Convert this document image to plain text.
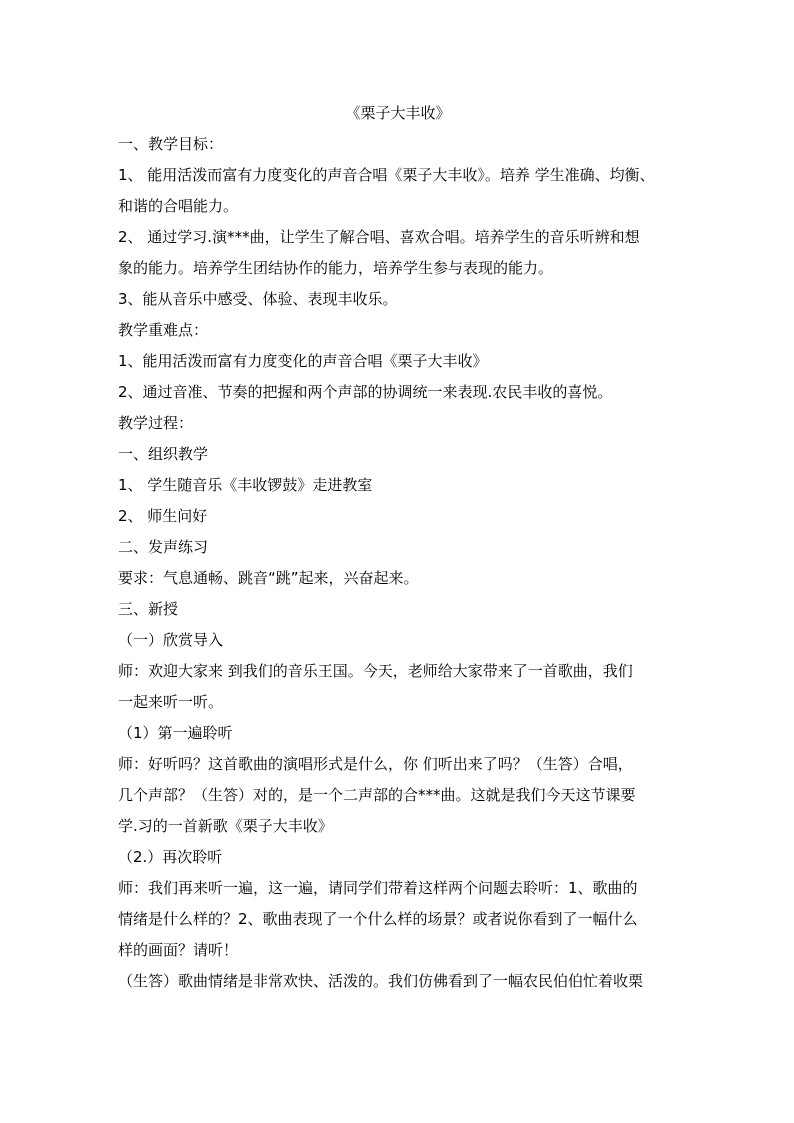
《栗子大丰收》
一、教学目标：
1、 能用活泼而富有力度变化的声音合唱《栗子大丰收》。培养 学生准确、均衡、
和谐的合唱能力。
2、 通过学习.演***曲，让学生了解合唱、喜欢合唱。培养学生的音乐听辨和想
象的能力。培养学生团结协作的能力，培养学生参与表现的能力。
3、能从音乐中感受、体验、表现丰收乐。
教学重难点：
1、能用活泼而富有力度变化的声音合唱《栗子大丰收》
2、通过音准、节奏的把握和两个声部的协调统一来表现.农民丰收的喜悦。
教学过程：
一、组织教学
1、 学生随音乐《丰收锣鼓》走进教室
2、 师生问好
二、发声练习
要求：气息通畅、跳音“跳”起来，兴奋起来。
三、新授
（一）欣赏导入
师：欢迎大家来 到我们的音乐王国。今天，老师给大家带来了一首歌曲，我们
一起来听一听。
（1）第一遍聆听
师：好听吗？这首歌曲的演唱形式是什么，你 们听出来了吗？（生答）合唱，
几个声部？（生答）对的，是一个二声部的合***曲。这就是我们今天这节课要
学.习的一首新歌《栗子大丰收》
（2.）再次聆听
师：我们再来听一遍，这一遍，请同学们带着这样两个问题去聆听：1、歌曲的
情绪是什么样的？2、歌曲表现了一个什么样的场景？或者说你看到了一幅什么
样的画面？请听！
（生答）歌曲情绪是非常欢快、活泼的。我们仿佛看到了一幅农民伯伯忙着收栗
